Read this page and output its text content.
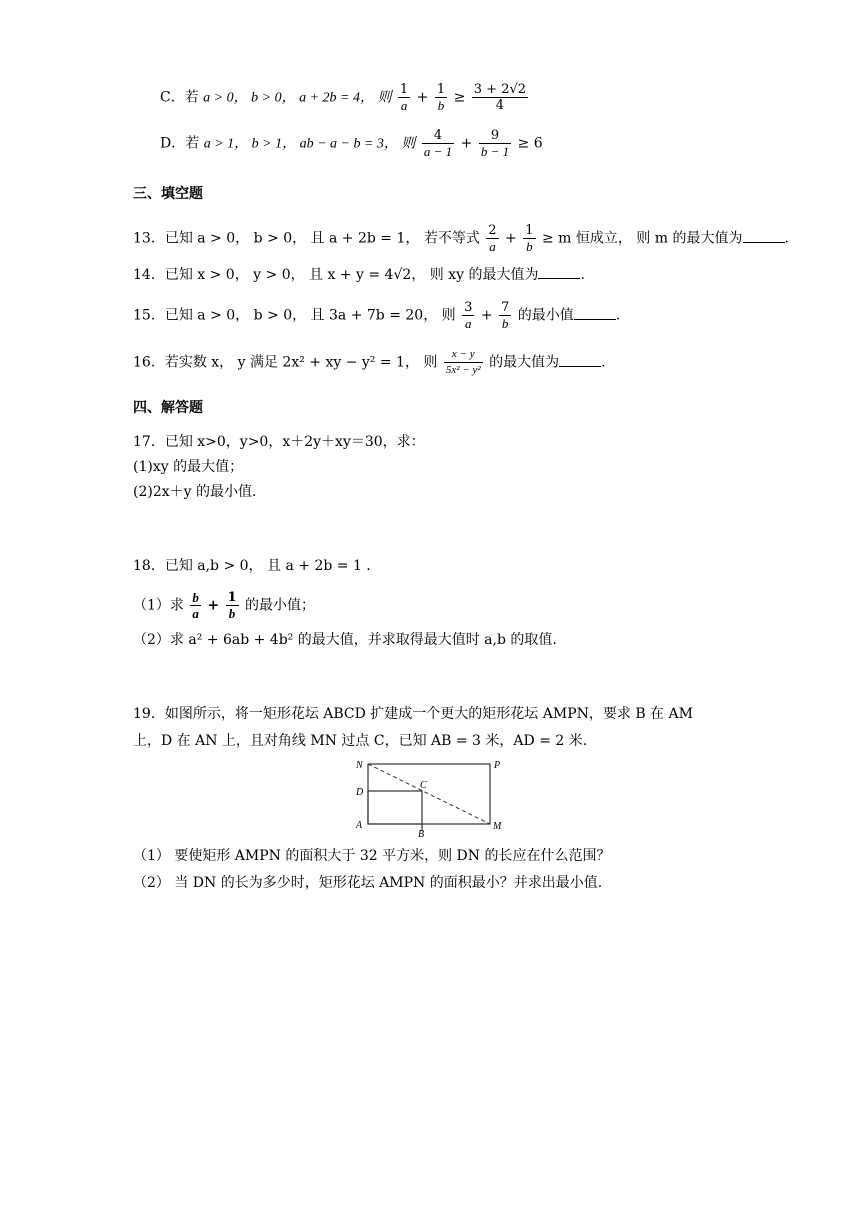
C．若 a > 0， b > 0， a + 2b = 4， 则 $\frac{1}{a} + \frac{1}{b} \ge \frac{3 + 2√2}{4}$
D．若 a > 1， b > 1， ab − a − b = 3， 则 $\frac{4}{a - 1} + \frac{9}{b - 1} \ge 6$
三、填空题
13．已知 a > 0， b > 0， 且 a + 2b = 1， 若不等式 $\frac{2}{a} + \frac{1}{b} \ge m$ 恒成立， 则 m 的最大值为	.
14．已知 x > 0， y > 0， 且 x + y = 4√2， 则 xy 的最大值为	.
15．已知 a > 0， b > 0， 且 3a + 7b = 20， 则 $\frac{3}{a} + \frac{7}{b}$ 的最小值	.
16．若实数 x， y 满足 2x² + xy − y² = 1， 则 $\frac{x - y}{\text{5x² − y²}}$ 的最大值为	.
四、解答题
17．已知 x>0，y>0，x＋2y＋xy＝30，求：
(1)xy 的最大值；
(2)2x＋y 的最小值．
18．已知 a,b > 0， 且 a + 2b = 1 .
（1）求 $\frac{b}{a} + \frac{1}{b}$ 的最小值；
（2）求 a² + 6ab + 4b² 的最大值，并求取得最大值时 a,b 的取值.
19．如图所示，将一矩形花坛 ABCD 扩建成一个更大的矩形花坛 AMPN，要求 B 在 AM
上，D 在 AN 上，且对角线 MN 过点 C，已知 AB = 3 米，AD = 2 米.
N	P
C
D
A
B
M
（1） 要使矩形 AMPN 的面积大于 32 平方米，则 DN 的长应在什么范围？
（2） 当 DN 的长为多少时，矩形花坛 AMPN 的面积最小？并求出最小值.
